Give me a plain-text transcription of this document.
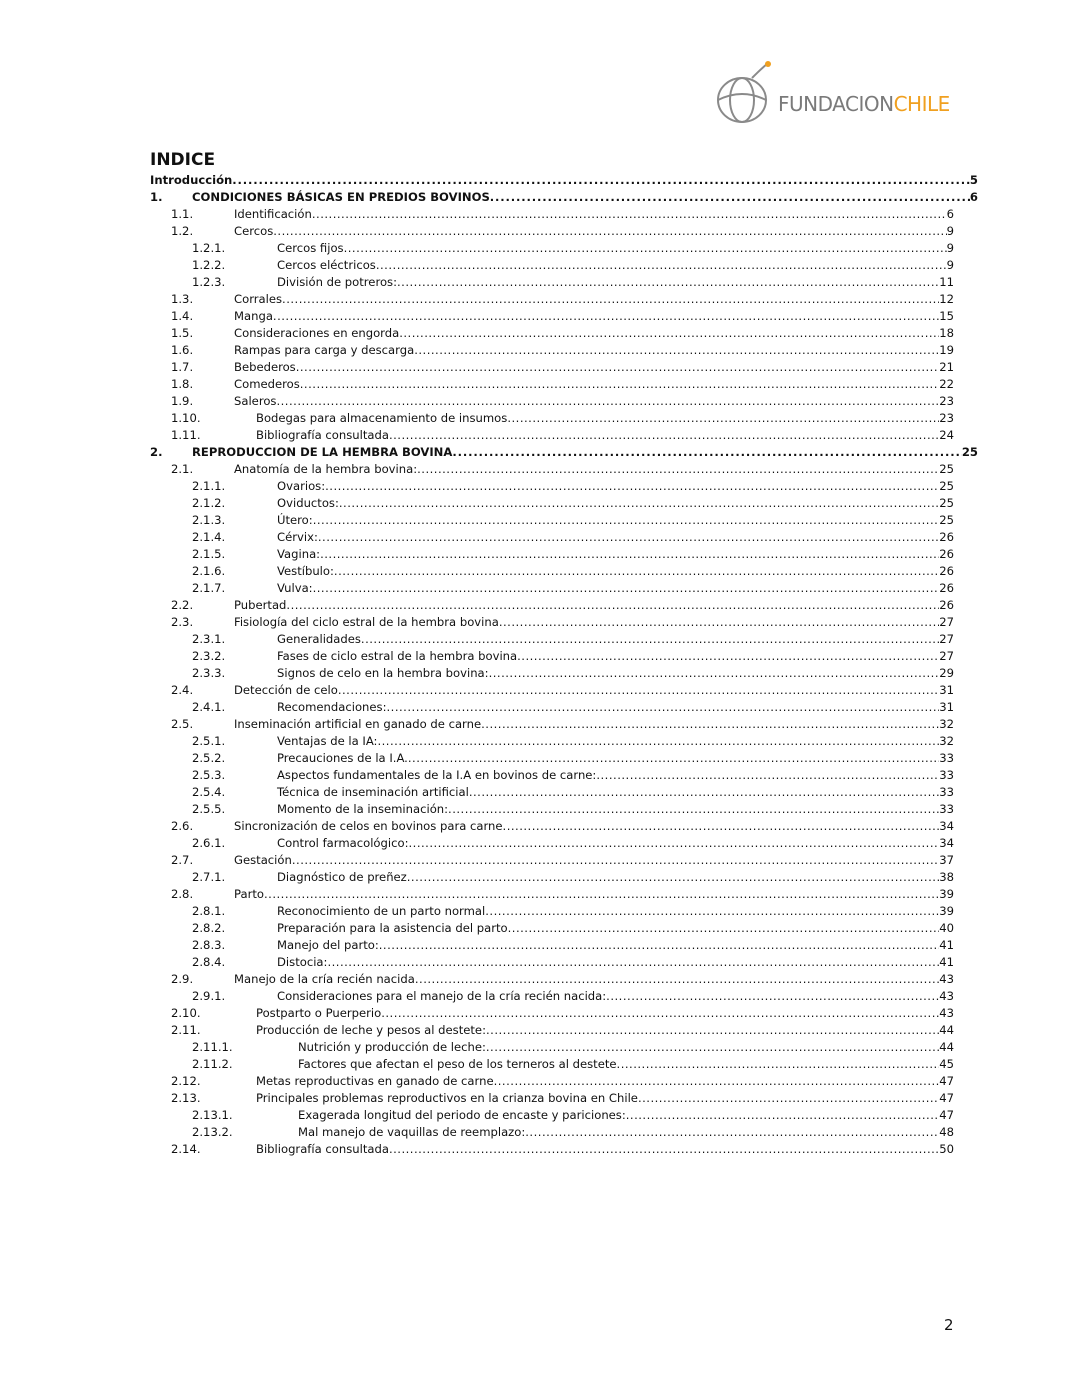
FUNDACIONCHILE
INDICE
Introducción . . .	5
1.	CONDICIONES BÁSICAS EN PREDIOS BOVINOS . . .	6
1.1.	Identificación . . .	6
1.2.	Cercos . . .	9
1.2.1.	Cercos fijos . . .	9
1.2.2.	Cercos eléctricos . . .	9
1.2.3.	División de potreros: . . .	11
1.3.	Corrales . . .	12
1.4.	Manga . . .	15
1.5.	Consideraciones en engorda . . .	18
1.6.	Rampas para carga y descarga . . .	19
1.7.	Bebederos . . .	21
1.8.	Comederos . . .	22
1.9.	Saleros . . .	23
1.10.	Bodegas para almacenamiento de insumos . . .	23
1.11.	Bibliografía consultada . . .	24
2.	REPRODUCCION DE LA HEMBRA BOVINA . . .	25
2.1.	Anatomía de la hembra bovina: . . .	25
2.1.1.	Ovarios: . . .	25
2.1.2.	Oviductos: . . .	25
2.1.3.	Útero: . . .	25
2.1.4.	Cérvix: . . .	26
2.1.5.	Vagina: . . .	26
2.1.6.	Vestíbulo: . . .	26
2.1.7.	Vulva: . . .	26
2.2.	Pubertad . . .	26
2.3.	Fisiología del ciclo estral de la hembra bovina . . .	27
2.3.1.	Generalidades . . .	27
2.3.2.	Fases de ciclo estral de la hembra bovina . . .	27
2.3.3.	Signos de celo en la hembra bovina: . . .	29
2.4.	Detección de celo . . .	31
2.4.1.	Recomendaciones: . . .	31
2.5.	Inseminación artificial en ganado de carne . . .	32
2.5.1.	Ventajas de la IA: . . .	32
2.5.2.	Precauciones de la I.A. . . .	33
2.5.3.	Aspectos fundamentales de la I.A en bovinos de carne: . . .	33
2.5.4.	Técnica de inseminación artificial . . .	33
2.5.5.	Momento de la inseminación: . . .	33
2.6.	Sincronización de celos en bovinos para carne . . .	34
2.6.1.	Control farmacológico: . . .	34
2.7.	Gestación . . .	37
2.7.1.	Diagnóstico de preñez . . .	38
2.8.	Parto . . .	39
2.8.1.	Reconocimiento de un parto normal . . .	39
2.8.2.	Preparación para la asistencia del parto . . .	40
2.8.3.	Manejo del parto: . . .	41
2.8.4.	Distocia: . . .	41
2.9.	Manejo de la cría recién nacida . . .	43
2.9.1.	Consideraciones para el manejo de la cría recién nacida: . . .	43
2.10.	Postparto o Puerperio . . .	43
2.11.	Producción de leche y pesos al destete: . . .	44
2.11.1.	Nutrición y producción de leche: . . .	44
2.11.2.	Factores que afectan el peso de los terneros al destete . . .	45
2.12.	Metas reproductivas en ganado de carne . . .	47
2.13.	Principales problemas reproductivos en la crianza bovina en Chile . . .	47
2.13.1.	Exagerada longitud del periodo de encaste y pariciones: . . .	47
2.13.2.	Mal manejo de vaquillas de reemplazo: . . .	48
2.14.	Bibliografía consultada . . .	50
2
